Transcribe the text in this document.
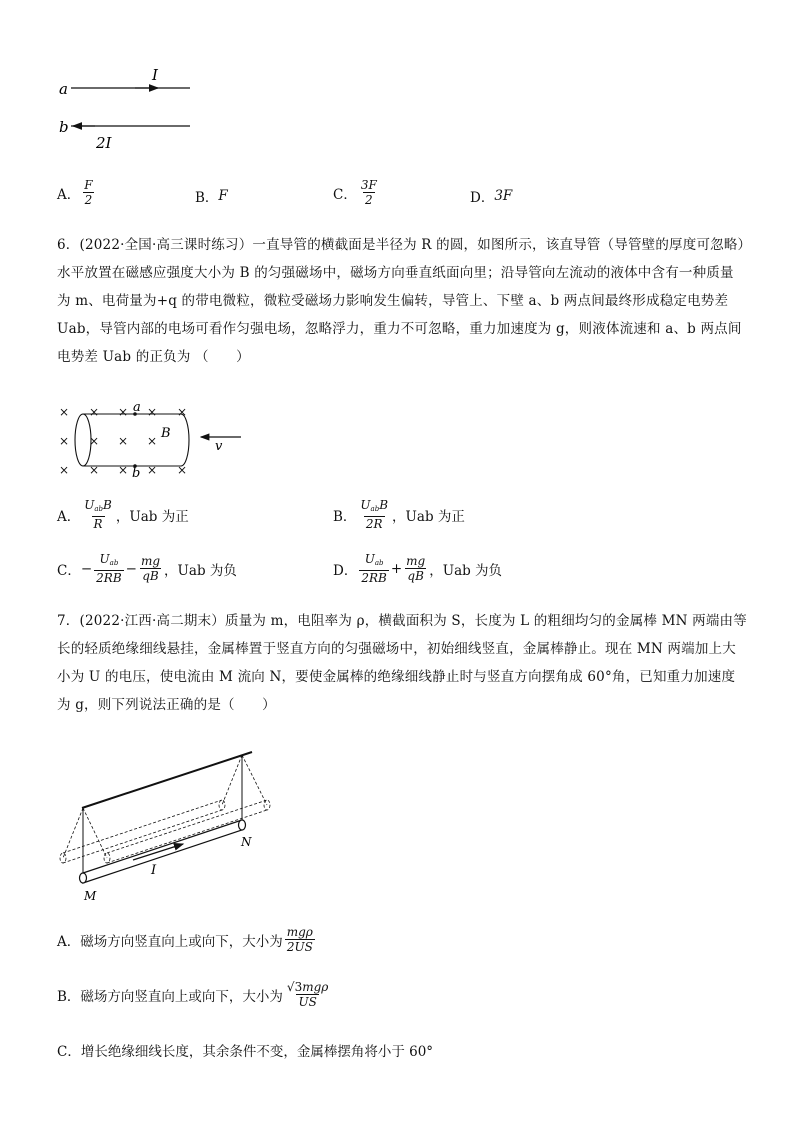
a
I
b
2I
A． $\frac{F}{2}$	B． F	C． $\frac{3F}{2}$	D． 3F
6．(2022·全国·高三课时练习）一直导管的横截面是半径为 R 的圆，如图所示，该直导管（导管壁的厚度可忽略）水平放置在磁感应强度大小为 B 的匀强磁场中，磁场方向垂直纸面向里；沿导管向左流动的液体中含有一种质量为 m、电荷量为+q 的带电微粒，微粒受磁场力影响发生偏转，导管上、下壁 a、b 两点间最终形成稳定电势差 Uab，导管内部的电场可看作匀强电场，忽略浮力，重力不可忽略，重力加速度为 g，则液体流速和 a、b 两点间电势差 Uab 的正负为 （　　）
× × × × ×
× × × ×
× × × × ×
a
b
B
v
A． $\frac{U_{ab}B}{R}$ ，Uab 为正	B． $\frac{U_{ab}B}{2R}$ ，Uab 为正
C． − $\frac{U_{ab}}{2RB} - \frac{mg}{qB}$ ，Uab 为负	D． $\frac{U_{ab}}{2RB} + \frac{mg}{qB}$ ，Uab 为负
7．(2022·江西·高二期末）质量为 m，电阻率为 ρ，横截面积为 S，长度为 L 的粗细均匀的金属棒 MN 两端由等长的轻质绝缘细线悬挂，金属棒置于竖直方向的匀强磁场中，初始细线竖直，金属棒静止。现在 MN 两端加上大小为 U 的电压，使电流由 M 流向 N，要使金属棒的绝缘细线静止时与竖直方向摆角成 60°角，已知重力加速度为 g，则下列说法正确的是（　　）
I
M
N
A．磁场方向竖直向上或向下，大小为 $\frac{\text{mgρ}}{2US}$
B．磁场方向竖直向上或向下，大小为 $\frac{\text{√3mgρ}}{US}$
C．增长绝缘细线长度，其余条件不变，金属棒摆角将小于 60°
